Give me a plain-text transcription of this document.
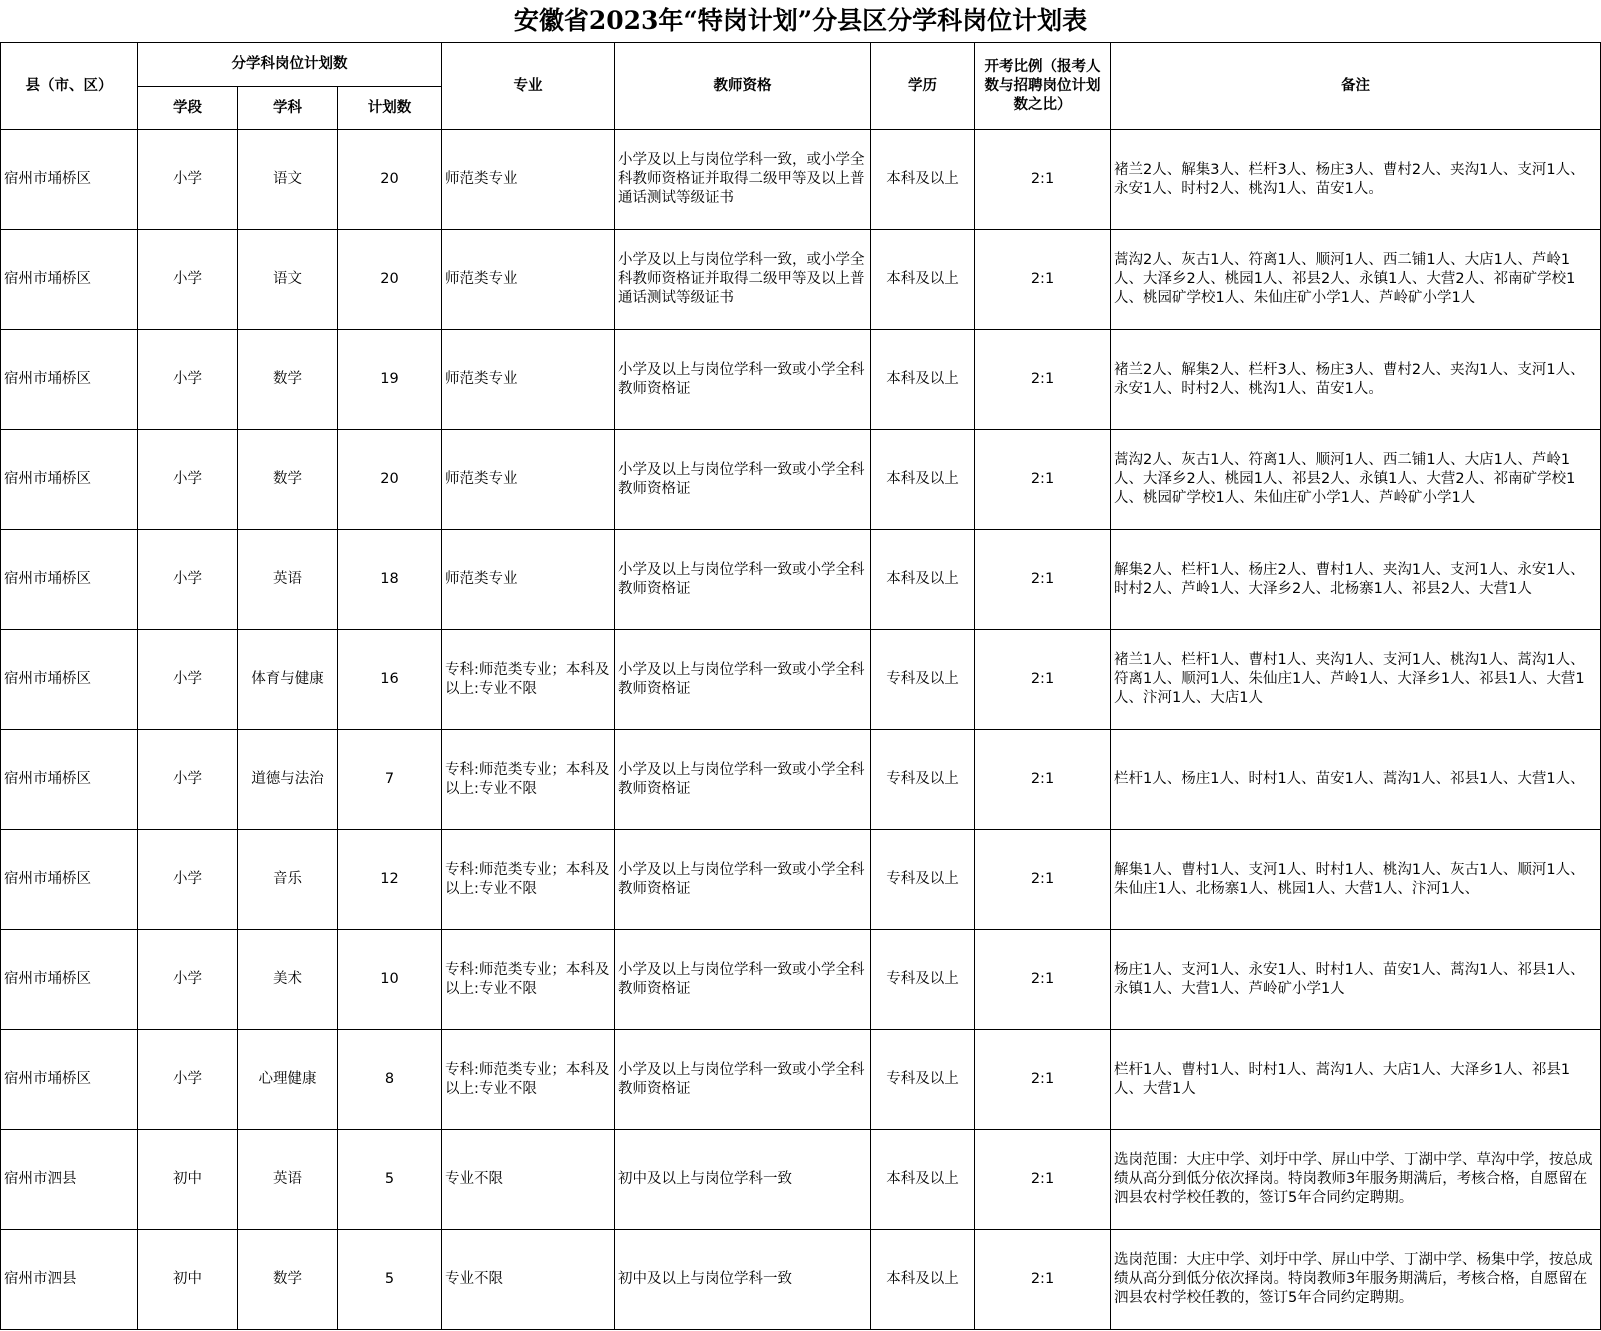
安徽省2023年“特岗计划”分县区分学科岗位计划表
县（市、区）	分学科岗位计划数			专业	教师资格	学历	开考比例（报考人数与招聘岗位计划数之比）	备注
	学段	学科	计划数					
宿州市埇桥区	小学	语文	20	师范类专业	小学及以上与岗位学科一致，或小学全科教师资格证并取得二级甲等及以上普通话测试等级证书	本科及以上	2:1	褚兰2人、解集3人、栏杆3人、杨庄3人、曹村2人、夹沟1人、支河1人、永安1人、时村2人、桃沟1人、苗安1人。
宿州市埇桥区	小学	语文	20	师范类专业	小学及以上与岗位学科一致，或小学全科教师资格证并取得二级甲等及以上普通话测试等级证书	本科及以上	2:1	蒿沟2人、灰古1人、符离1人、顺河1人、西二铺1人、大店1人、芦岭1人、大泽乡2人、桃园1人、祁县2人、永镇1人、大营2人、祁南矿学校1人、桃园矿学校1人、朱仙庄矿小学1人、芦岭矿小学1人
宿州市埇桥区	小学	数学	19	师范类专业	小学及以上与岗位学科一致或小学全科教师资格证	本科及以上	2:1	褚兰2人、解集2人、栏杆3人、杨庄3人、曹村2人、夹沟1人、支河1人、永安1人、时村2人、桃沟1人、苗安1人。
宿州市埇桥区	小学	数学	20	师范类专业	小学及以上与岗位学科一致或小学全科教师资格证	本科及以上	2:1	蒿沟2人、灰古1人、符离1人、顺河1人、西二铺1人、大店1人、芦岭1人、大泽乡2人、桃园1人、祁县2人、永镇1人、大营2人、祁南矿学校1人、桃园矿学校1人、朱仙庄矿小学1人、芦岭矿小学1人
宿州市埇桥区	小学	英语	18	师范类专业	小学及以上与岗位学科一致或小学全科教师资格证	本科及以上	2:1	解集2人、栏杆1人、杨庄2人、曹村1人、夹沟1人、支河1人、永安1人、时村2人、芦岭1人、大泽乡2人、北杨寨1人、祁县2人、大营1人
宿州市埇桥区	小学	体育与健康	16	专科:师范类专业；本科及以上:专业不限	小学及以上与岗位学科一致或小学全科教师资格证	专科及以上	2:1	褚兰1人、栏杆1人、曹村1人、夹沟1人、支河1人、桃沟1人、蒿沟1人、符离1人、顺河1人、朱仙庄1人、芦岭1人、大泽乡1人、祁县1人、大营1人、汴河1人、大店1人
宿州市埇桥区	小学	道德与法治	7	专科:师范类专业；本科及以上:专业不限	小学及以上与岗位学科一致或小学全科教师资格证	专科及以上	2:1	栏杆1人、杨庄1人、时村1人、苗安1人、蒿沟1人、祁县1人、大营1人、
宿州市埇桥区	小学	音乐	12	专科:师范类专业；本科及以上:专业不限	小学及以上与岗位学科一致或小学全科教师资格证	专科及以上	2:1	解集1人、曹村1人、支河1人、时村1人、桃沟1人、灰古1人、顺河1人、朱仙庄1人、北杨寨1人、桃园1人、大营1人、汴河1人、
宿州市埇桥区	小学	美术	10	专科:师范类专业；本科及以上:专业不限	小学及以上与岗位学科一致或小学全科教师资格证	专科及以上	2:1	杨庄1人、支河1人、永安1人、时村1人、苗安1人、蒿沟1人、祁县1人、永镇1人、大营1人、芦岭矿小学1人
宿州市埇桥区	小学	心理健康	8	专科:师范类专业；本科及以上:专业不限	小学及以上与岗位学科一致或小学全科教师资格证	专科及以上	2:1	栏杆1人、曹村1人、时村1人、蒿沟1人、大店1人、大泽乡1人、祁县1人、大营1人
宿州市泗县	初中	英语	5	专业不限	初中及以上与岗位学科一致	本科及以上	2:1	选岗范围：大庄中学、刘圩中学、屏山中学、丁湖中学、草沟中学，按总成绩从高分到低分依次择岗。特岗教师3年服务期满后，考核合格，自愿留在泗县农村学校任教的，签订5年合同约定聘期。
宿州市泗县	初中	数学	5	专业不限	初中及以上与岗位学科一致	本科及以上	2:1	选岗范围：大庄中学、刘圩中学、屏山中学、丁湖中学、杨集中学，按总成绩从高分到低分依次择岗。特岗教师3年服务期满后，考核合格，自愿留在泗县农村学校任教的，签订5年合同约定聘期。
